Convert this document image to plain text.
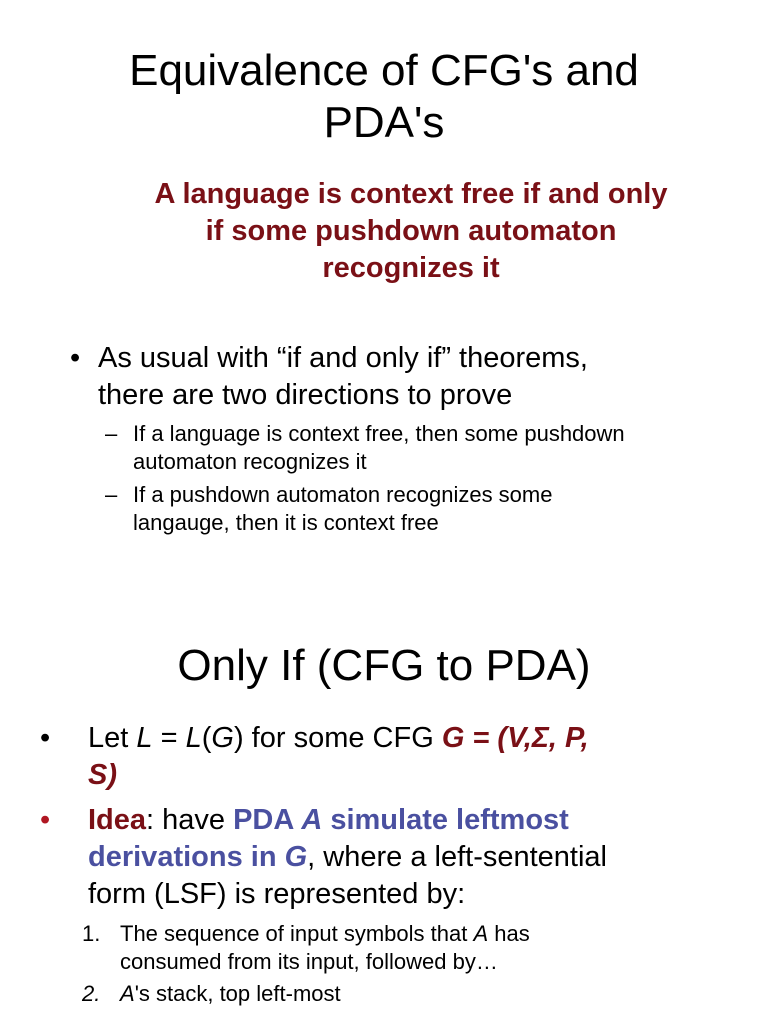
Equivalence of CFG's and
PDA's
A language is context free if and only
if some pushdown automaton
recognizes it
• As usual with “if and only if” theorems,
there are two directions to prove
– If a language is context free, then some pushdown
automaton recognizes it
– If a pushdown automaton recognizes some
langauge, then it is context free
Only If (CFG to PDA)
• Let L = L(G) for some CFG G = (V,Σ, P,
S)
• Idea: have PDA A simulate leftmost
derivations in G, where a left-sentential
form (LSF) is represented by:
1. The sequence of input symbols that A has
consumed from its input, followed by…
2. A's stack, top left-most
